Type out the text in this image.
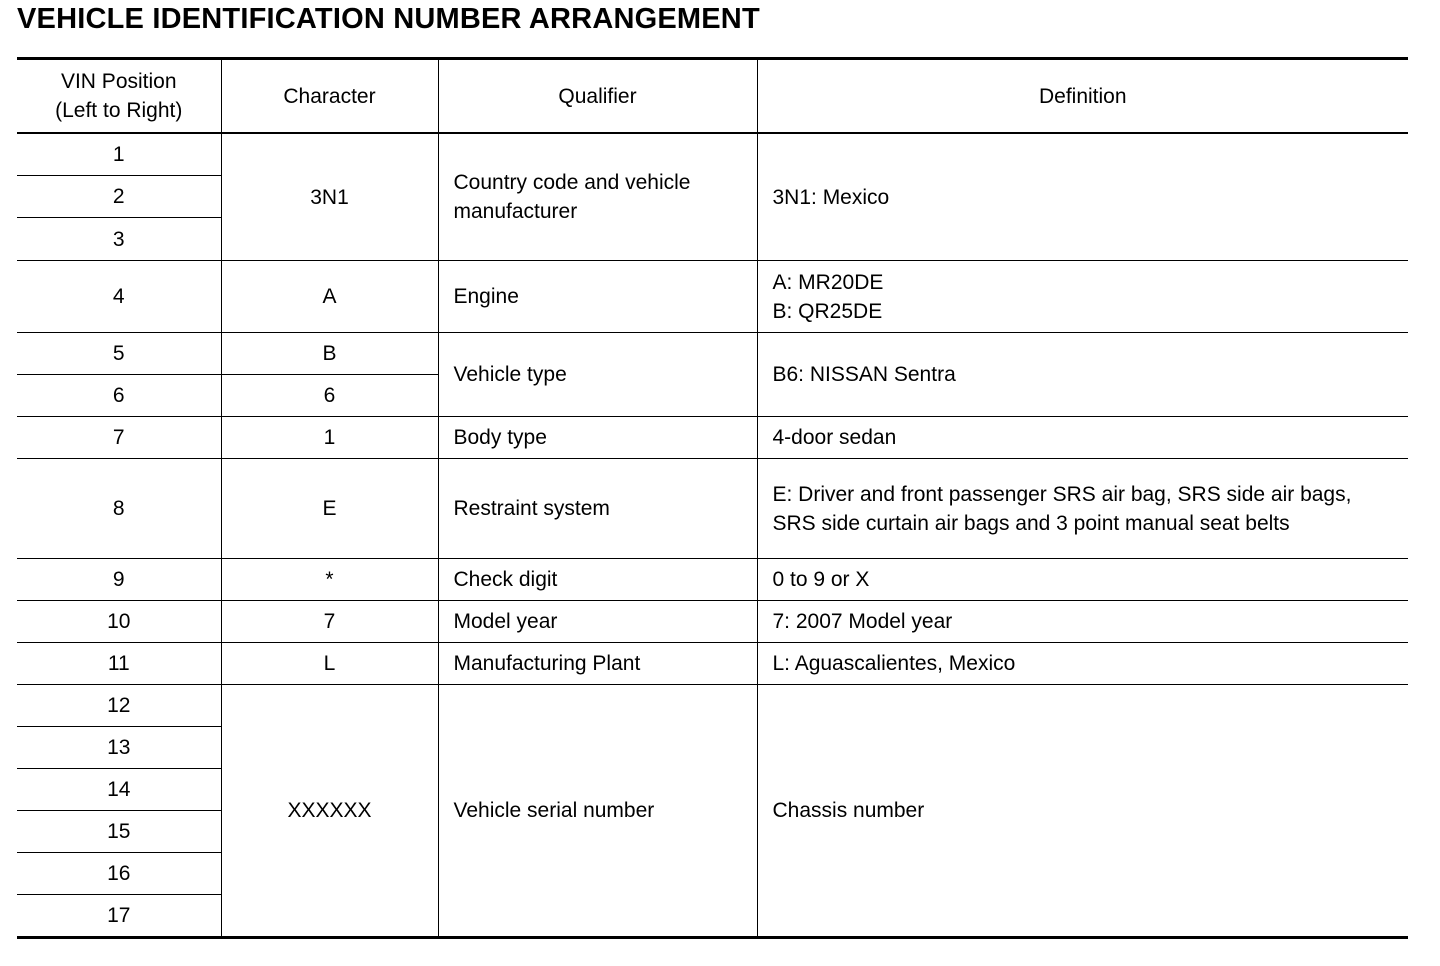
VEHICLE IDENTIFICATION NUMBER ARRANGEMENT
VIN Position
(Left to Right)	Character	Qualifier	Definition
1	3N1	Country code and vehicle manufacturer	3N1: Mexico
2			
3			
4	A	Engine	A: MR20DE
B: QR25DE
5	B	Vehicle type	B6: NISSAN Sentra
6	6		
7	1	Body type	4-door sedan
8	E	Restraint system	E: Driver and front passenger SRS air bag, SRS side air bags, SRS side curtain air bags and 3 point manual seat belts
9	*	Check digit	0 to 9 or X
10	7	Model year	7: 2007 Model year
11	L	Manufacturing Plant	L: Aguascalientes, Mexico
12	XXXXXX	Vehicle serial number	Chassis number
13			
14			
15			
16			
17			
